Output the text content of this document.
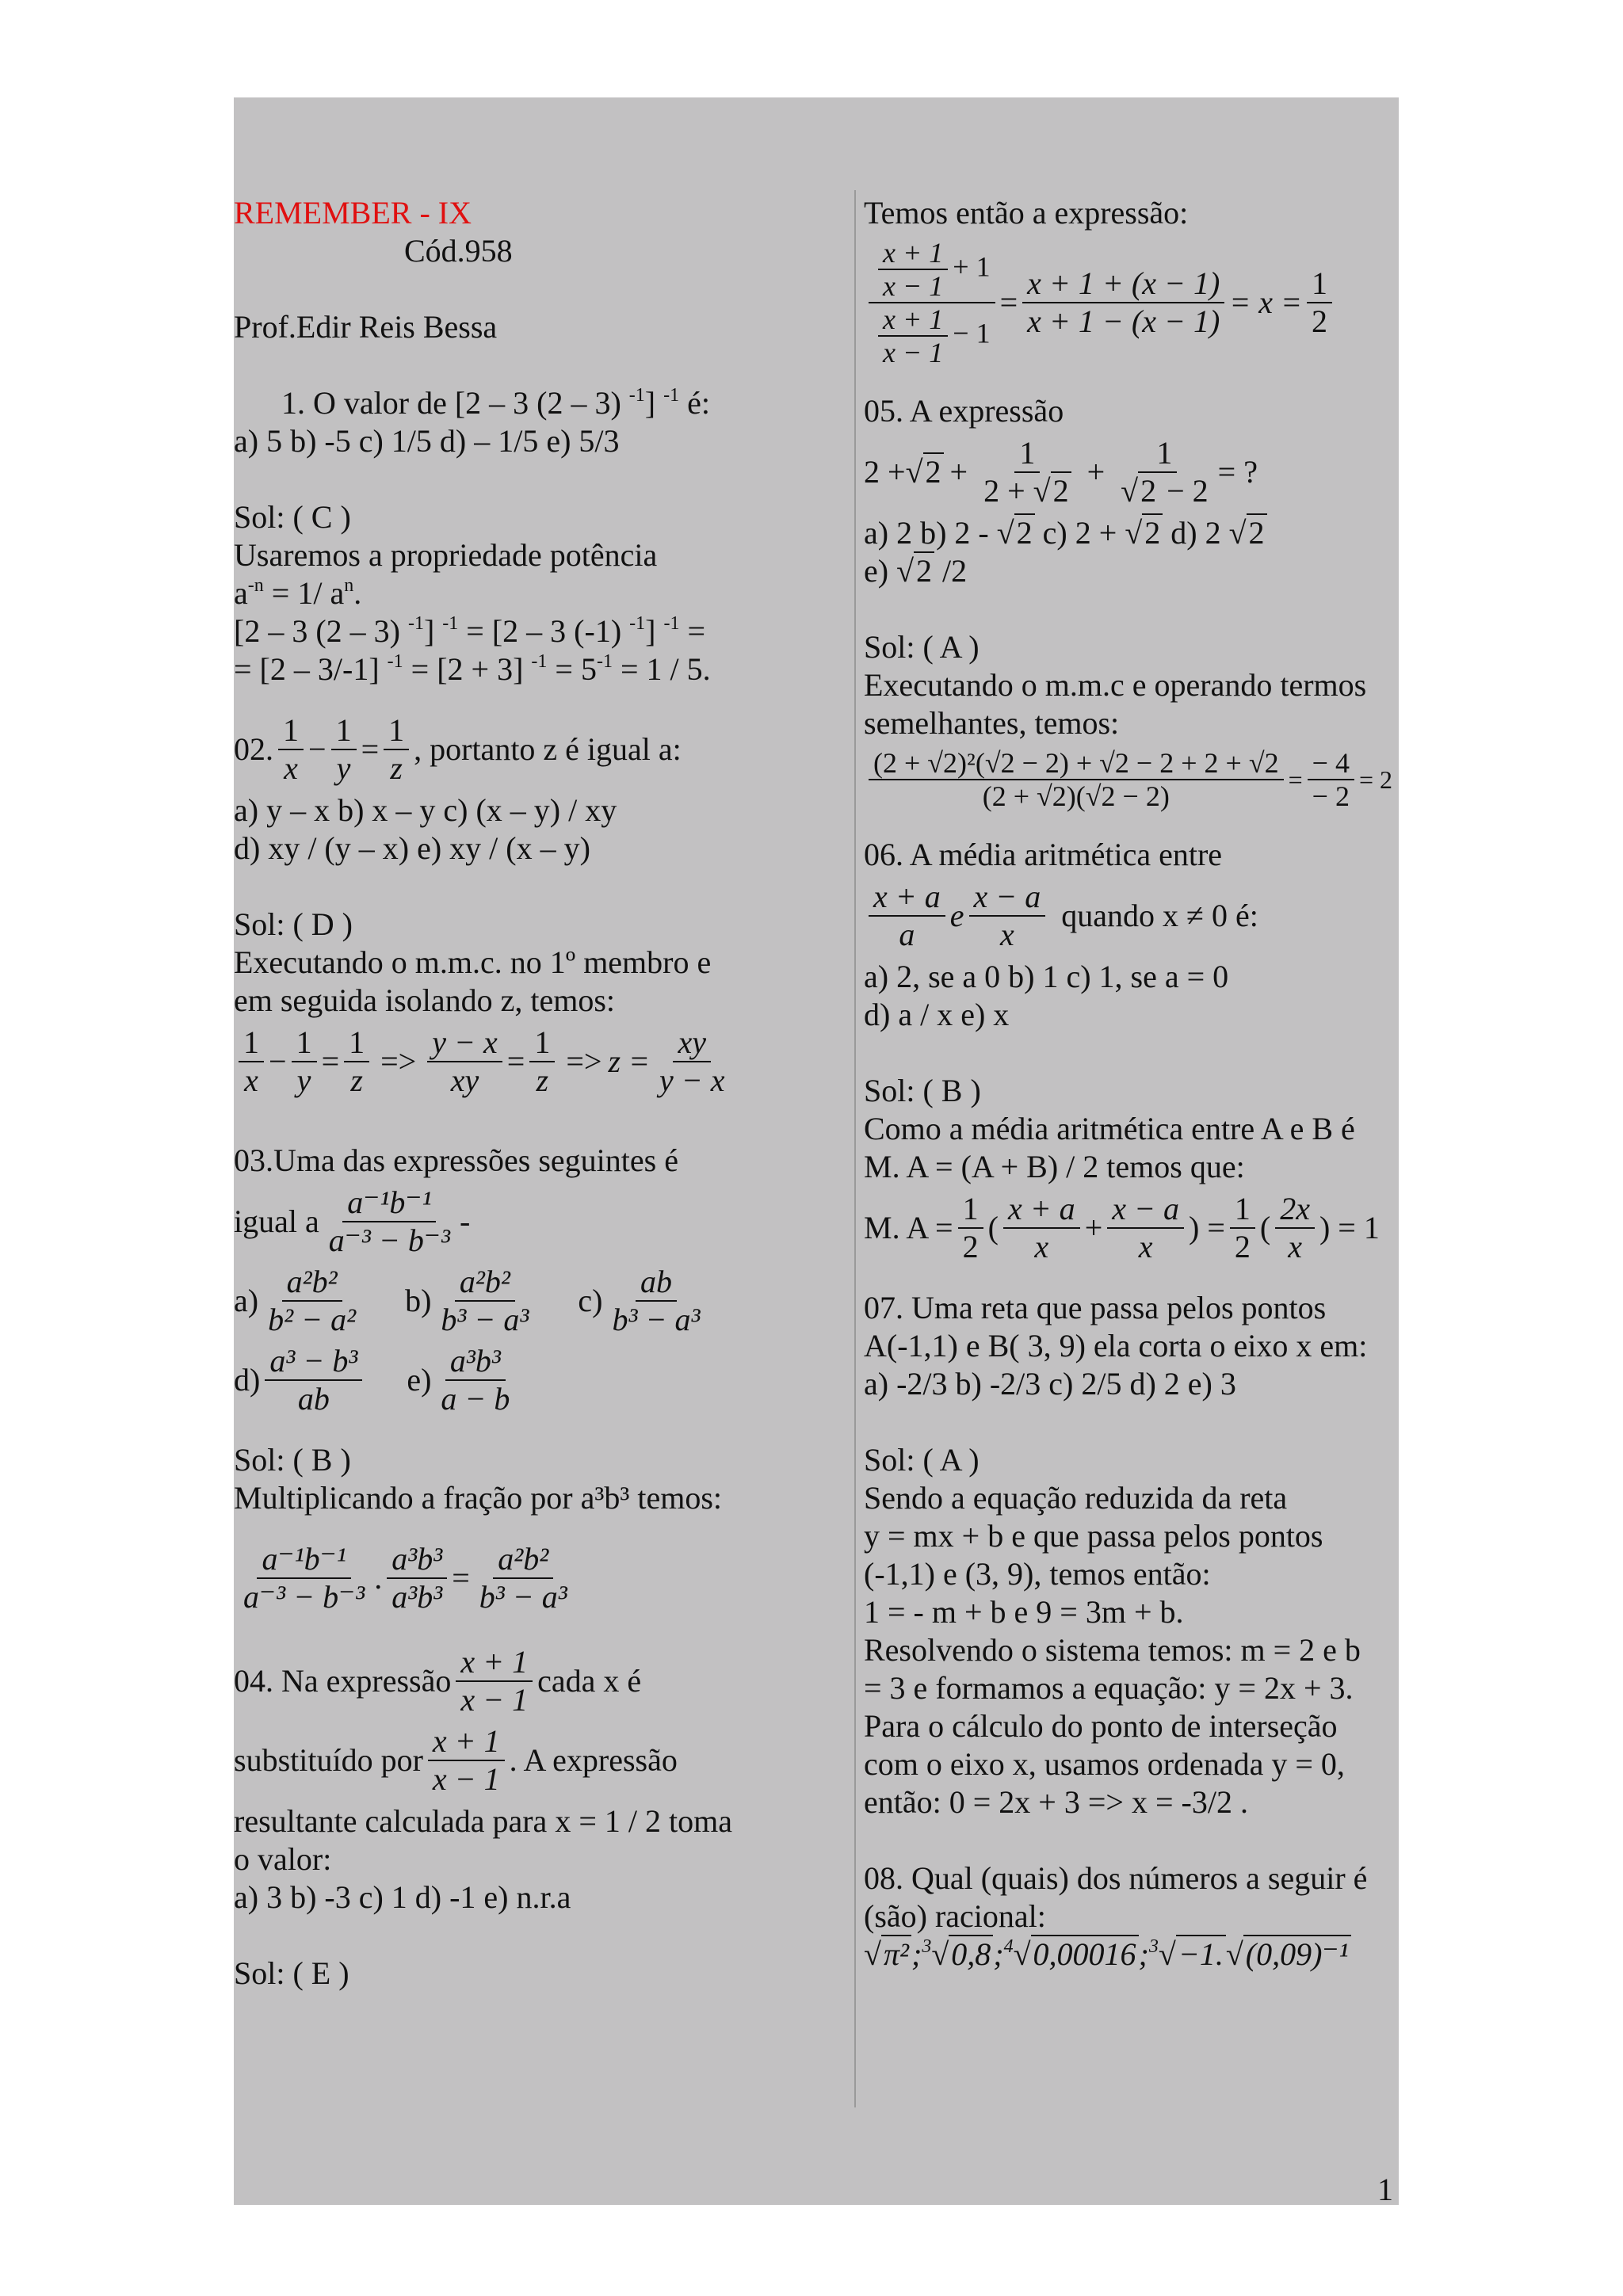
REMEMBER - IX

Cód.958

Prof.Edir Reis Bessa

1. O valor de [2 – 3 (2 – 3) $^{-1}$] $^{-1}$ é:

a) 5 b) -5 c) 1/5 d) – 1/5 e) 5/3

Sol: ( C )

Usaremos a propriedade potência

$a^{-n} = 1/$ $a^n$.

[2 – 3 (2 – 3) $^{-1}$] $^{-1}$ = [2 – 3 (-1) $^{-1}$] $^{-1}$ =

= [2 – 3/-1] $^{-1}$ = [2 + 3] $^{-1} = 5^{-1} = 1 / 5$.

02. $\frac{1}{x} - \frac{1}{y} = \frac{1}{z}$ , portanto z é igual a:

a) y – x b) x – y c) (x – y) / xy

d) xy / (y – x) e) xy / (x – y)

Sol: ( D )

Executando o m.m.c. no 1º membro e

em seguida isolando z, temos:

$\frac{1}{x} - \frac{1}{y} = \frac{1}{z} => \frac{y - x}{xy} = \frac{1}{z} => z = \frac{xy}{y - x}$

03.Uma das expressões seguintes é

igual a $\frac{\text{a⁻¹b⁻¹}}{\text{a⁻³ − b⁻³}}$ -
$a) \frac{\text{a²b²}}{\text{b² − a²}} b) \frac{\text{a²b²}}{\text{b³ − a³}} c) \frac{ab}{\text{b³ − a³}}$
$d) \frac{\text{a³ − b³}}{ab} e) \frac{\text{a³b³}}{a - b}$

Sol: ( B )

Multiplicando a fração por a³b³ temos:

$\frac{\text{a⁻¹b⁻¹}}{\text{a⁻³ − b⁻³}}$ . $\frac{\text{a³b³}}{\text{a³b³}} = \frac{\text{a²b²}}{\text{b³ − a³}}$
04. Na expressão $\frac{x + 1}{x - 1}$ cada x é
substituído por $\frac{x + 1}{x - 1}$ . A expressão

resultante calculada para x = 1 / 2 toma

o valor:

a) 3 b) -3 c) 1 d) -1 e) n.r.a

Sol: ( E )

Temos então a expressão:

$\frac{\frac{x + 1}{x - 1} + 1}{\frac{x + 1}{x - 1} - 1} = \frac{x + 1 + (x - 1)}{x + 1 - (x - 1)} = x = \frac{1}{2}$

05. A expressão

$2 + √2 + \frac{1}{2 + √2} + \frac{1}{√2 - 2}$ = ?

a) 2 b) 2 - √2 c) 2 + √2 d) 2 √2

e) √2 /2

Sol: ( A )

Executando o m.m.c e operando termos

semelhantes, temos:

$\frac{\text{(2 + √2)²(√2 − 2) + √2 − 2 + 2 + √2}}{(2 + √2)(√2 - 2)} = \frac{- 4}{- 2} = 2$

06. A média aritmética entre

$\frac{x + a}{a}$ e $\frac{x - a}{x}$ quando x ≠ 0 é:

a) 2, se a 0 b) 1 c) 1, se a = 0

d) a / x e) x

Sol: ( B )

Como a média aritmética entre A e B é

M. A = (A + B) / 2 temos que:

M. $A = \frac{1}{2}$ ( $\frac{x + a}{x} + \frac{x - a}{x}$ ) = $\frac{1}{2}$ ( $\frac{2x}{x}$ ) = 1

07. Uma reta que passa pelos pontos

A(-1,1) e B( 3, 9) ela corta o eixo x em:

a) -2/3 b) -2/3 c) 2/5 d) 2 e) 3

Sol: ( A )

Sendo a equação reduzida da reta

y = mx + b e que passa pelos pontos

(-1,1) e (3, 9), temos então:

1 = - m + b e 9 = 3m + b.

Resolvendo o sistema temos: m = 2 e b

= 3 e formamos a equação: y = 2x + 3.

Para o cálculo do ponto de interseção

com o eixo x, usamos ordenada y = 0,

então: 0 = 2x + 3 => x = -3/2 .

08. Qual (quais) dos números a seguir é

(são) racional:

√π²;$^3$√0,8;$^4$√0,00016;$^3$√−1.√(0,09)⁻¹

1
